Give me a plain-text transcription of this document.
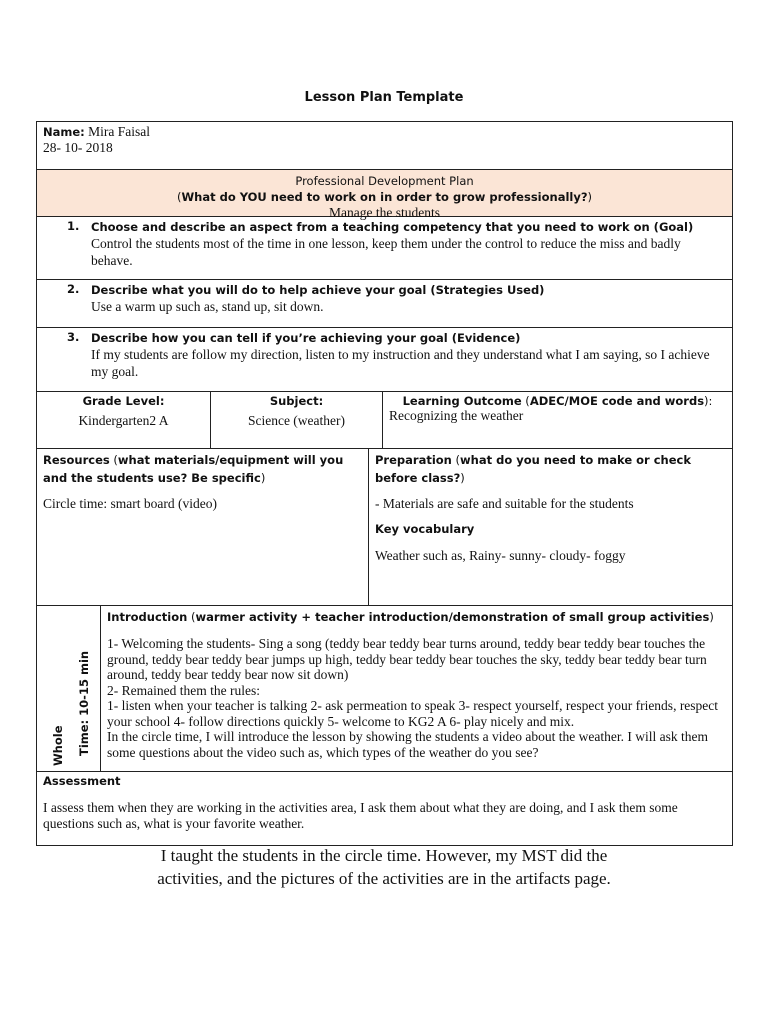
Lesson Plan Template
Name: Mira Faisal
28- 10- 2018
Professional Development Plan
(What do YOU need to work on in order to grow professionally?)
Manage the students
1.	Choose and describe an aspect from a teaching competency that you need to work on (Goal)
Control the students most of the time in one lesson, keep them under the control to reduce the miss and badly behave.
2.	Describe what you will do to help achieve your goal (Strategies Used)
Use a warm up such as, stand up, sit down.
3.	Describe how you can tell if you’re achieving your goal (Evidence)
If my students are follow my direction, listen to my instruction and they understand what I am saying, so I achieve my goal.
Grade Level:
Kindergarten2 A
Subject:
Science (weather)
Learning Outcome (ADEC/MOE code and words):
Recognizing the weather
Resources (what materials/equipment will you and the students use? Be specific)
Circle time: smart board (video)
Preparation (what do you need to make or check before class?)
- Materials are safe and suitable for the students
Key vocabulary
Weather such as, Rainy- sunny- cloudy- foggy
Whole Time: 10-15 min
Introduction (warmer activity + teacher introduction/demonstration of small group activities)
1- Welcoming the students- Sing a song (teddy bear teddy bear turns around, teddy bear teddy bear touches the ground, teddy bear teddy bear jumps up high, teddy bear teddy bear touches the sky, teddy bear teddy bear turn around, teddy bear teddy bear now sit down)
2- Remained them the rules:
1- listen when your teacher is talking 2- ask permeation to speak 3- respect yourself, respect your friends, respect your school 4- follow directions quickly 5- welcome to KG2 A 6- play nicely and mix.
In the circle time, I will introduce the lesson by showing the students a video about the weather. I will ask them some questions about the video such as, which types of the weather do you see?
Assessment
I assess them when they are working in the activities area, I ask them about what they are doing, and I ask them some questions such as, what is your favorite weather.
I taught the students in the circle time. However, my MST did the
activities, and the pictures of the activities are in the artifacts page.
